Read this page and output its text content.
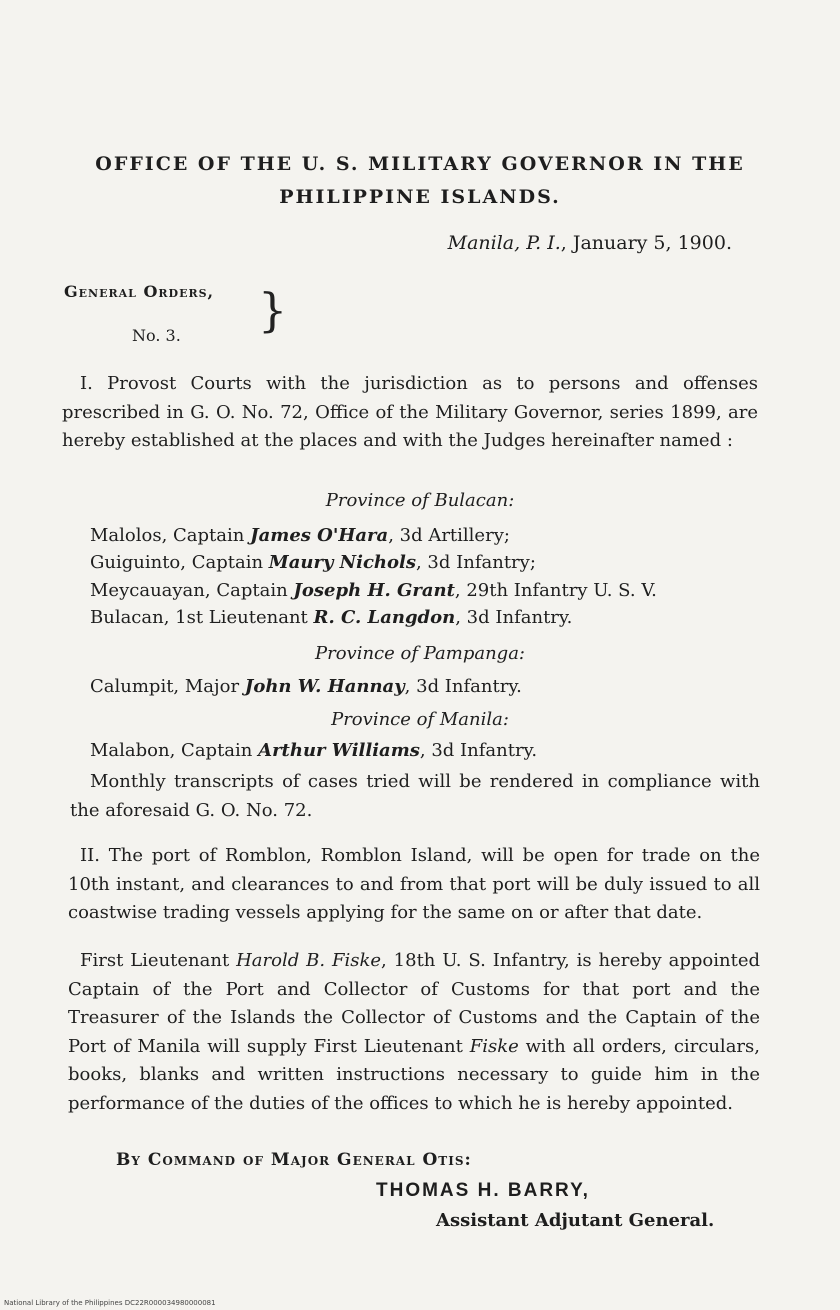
OFFICE OF THE U. S. MILITARY GOVERNOR IN THE
PHILIPPINE ISLANDS.
Manila, P. I., January 5, 1900.
General Orders,
No. 3. }
I. Provost Courts with the jurisdiction as to persons and offenses prescribed in G. O. No. 72, Office of the Military Governor, series 1899, are hereby established at the places and with the Judges hereinafter named :
Province of Bulacan:
Malolos, Captain James O'Hara, 3d Artillery;
Guiguinto, Captain Maury Nichols, 3d Infantry;
Meycauayan, Captain Joseph H. Grant, 29th Infantry U. S. V.
Bulacan, 1st Lieutenant R. C. Langdon, 3d Infantry.
Province of Pampanga:
Calumpit, Major John W. Hannay, 3d Infantry.
Province of Manila:
Malabon, Captain Arthur Williams, 3d Infantry.
Monthly transcripts of cases tried will be rendered in compliance with the aforesaid G. O. No. 72.
II. The port of Romblon, Romblon Island, will be open for trade on the 10th instant, and clearances to and from that port will be duly issued to all coastwise trading vessels applying for the same on or after that date.
First Lieutenant Harold B. Fiske, 18th U. S. Infantry, is hereby appointed Captain of the Port and Collector of Customs for that port and the Treasurer of the Islands the Collector of Customs and the Captain of the Port of Manila will supply First Lieutenant Fiske with all orders, circulars, books, blanks and written instructions necessary to guide him in the performance of the duties of the offices to which he is hereby appointed.
By Command of Major General Otis:
THOMAS H. BARRY,
Assistant Adjutant General.
National Library of the Philippines DC22R000034980000081
